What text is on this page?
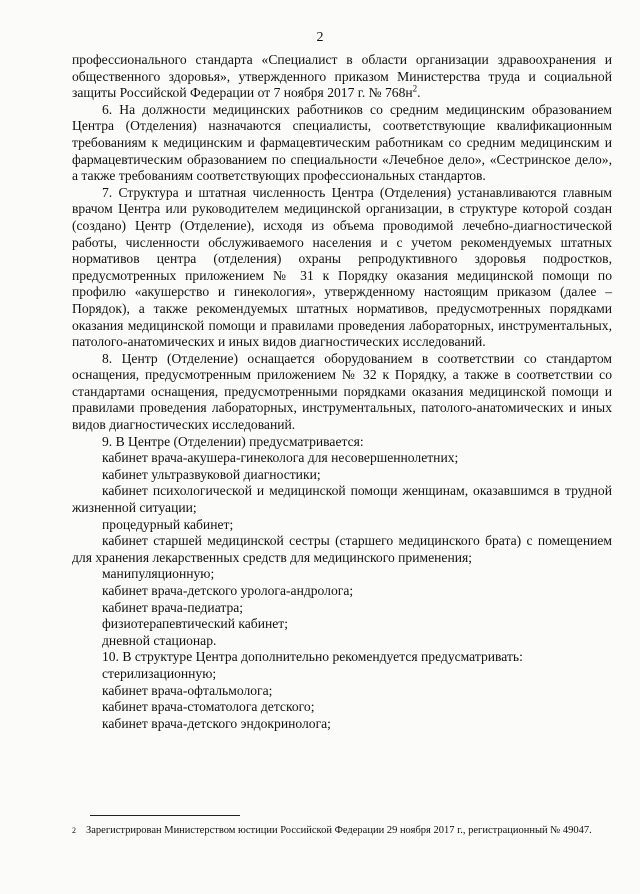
2

профессионального стандарта «Специалист в области организации здравоохранения и общественного здоровья», утвержденного приказом Министерства труда и социальной защиты Российской Федерации от 7 ноября 2017 г. № $768н^2$.

6. На должности медицинских работников со средним медицинским образованием Центра (Отделения) назначаются специалисты, соответствующие квалификационным требованиям к медицинским и фармацевтическим работникам со средним медицинским и фармацевтическим образованием по специальности «Лечебное дело», «Сестринское дело», а также требованиям соответствующих профессиональных стандартов.

7. Структура и штатная численность Центра (Отделения) устанавливаются главным врачом Центра или руководителем медицинской организации, в структуре которой создан (создано) Центр (Отделение), исходя из объема проводимой лечебно-диагностической работы, численности обслуживаемого населения и с учетом рекомендуемых штатных нормативов центра (отделения) охраны репродуктивного здоровья подростков, предусмотренных приложением № 31 к Порядку оказания медицинской помощи по профилю «акушерство и гинекология», утвержденному настоящим приказом (далее – Порядок), а также рекомендуемых штатных нормативов, предусмотренных порядками оказания медицинской помощи и правилами проведения лабораторных, инструментальных, патолого-анатомических и иных видов диагностических исследований.

8. Центр (Отделение) оснащается оборудованием в соответствии со стандартом оснащения, предусмотренным приложением № 32 к Порядку, а также в соответствии со стандартами оснащения, предусмотренными порядками оказания медицинской помощи и правилами проведения лабораторных, инструментальных, патолого-анатомических и иных видов диагностических исследований.

9. В Центре (Отделении) предусматривается:

кабинет врача-акушера-гинеколога для несовершеннолетних;

кабинет ультразвуковой диагностики;

кабинет психологической и медицинской помощи женщинам, оказавшимся в трудной жизненной ситуации;

процедурный кабинет;

кабинет старшей медицинской сестры (старшего медицинского брата) с помещением для хранения лекарственных средств для медицинского применения;

манипуляционную;

кабинет врача-детского уролога-андролога;

кабинет врача-педиатра;

физиотерапевтический кабинет;

дневной стационар.

10. В структуре Центра дополнительно рекомендуется предусматривать:

стерилизационную;

кабинет врача-офтальмолога;

кабинет врача-стоматолога детского;

кабинет врача-детского эндокринолога;

2 Зарегистрирован Министерством юстиции Российской Федерации 29 ноября 2017 г., регистрационный № 49047.
